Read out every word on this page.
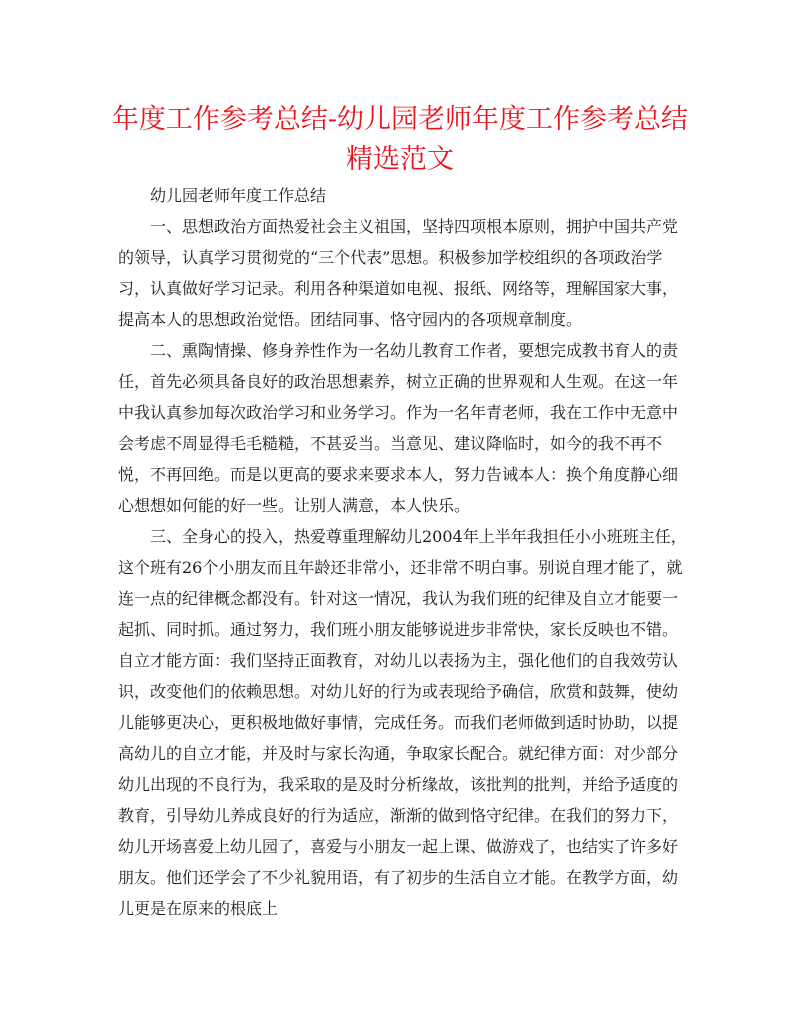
年度工作参考总结-幼儿园老师年度工作参考总结精选范文

幼儿园老师年度工作总结

一、思想政治方面热爱社会主义祖国，坚持四项根本原则，拥护中国共产党的领导，认真学习贯彻党的“三个代表”思想。积极参加学校组织的各项政治学习，认真做好学习记录。利用各种渠道如电视、报纸、网络等，理解国家大事，提高本人的思想政治觉悟。团结同事、恪守园内的各项规章制度。

二、熏陶情操、修身养性作为一名幼儿教育工作者，要想完成教书育人的责任，首先必须具备良好的政治思想素养，树立正确的世界观和人生观。在这一年中我认真参加每次政治学习和业务学习。作为一名年青老师，我在工作中无意中会考虑不周显得毛毛糙糙，不甚妥当。当意见、建议降临时，如今的我不再不悦，不再回绝。而是以更高的要求来要求本人，努力告诫本人：换个角度静心细心想想如何能的好一些。让别人满意，本人快乐。

三、全身心的投入，热爱尊重理解幼儿2004年上半年我担任小小班班主任，这个班有26个小朋友而且年龄还非常小，还非常不明白事。别说自理才能了，就连一点的纪律概念都没有。针对这一情况，我认为我们班的纪律及自立才能要一起抓、同时抓。通过努力，我们班小朋友能够说进步非常快，家长反映也不错。自立才能方面：我们坚持正面教育，对幼儿以表扬为主，强化他们的自我效劳认识，改变他们的依赖思想。对幼儿好的行为或表现给予确信，欣赏和鼓舞，使幼儿能够更决心，更积极地做好事情，完成任务。而我们老师做到适时协助，以提高幼儿的自立才能，并及时与家长沟通，争取家长配合。就纪律方面：对少部分幼儿出现的不良行为，我采取的是及时分析缘故，该批判的批判，并给予适度的教育，引导幼儿养成良好的行为适应，渐渐的做到恪守纪律。在我们的努力下，幼儿开场喜爱上幼儿园了，喜爱与小朋友一起上课、做游戏了，也结实了许多好朋友。他们还学会了不少礼貌用语，有了初步的生活自立才能。在教学方面，幼儿更是在原来的根底上
